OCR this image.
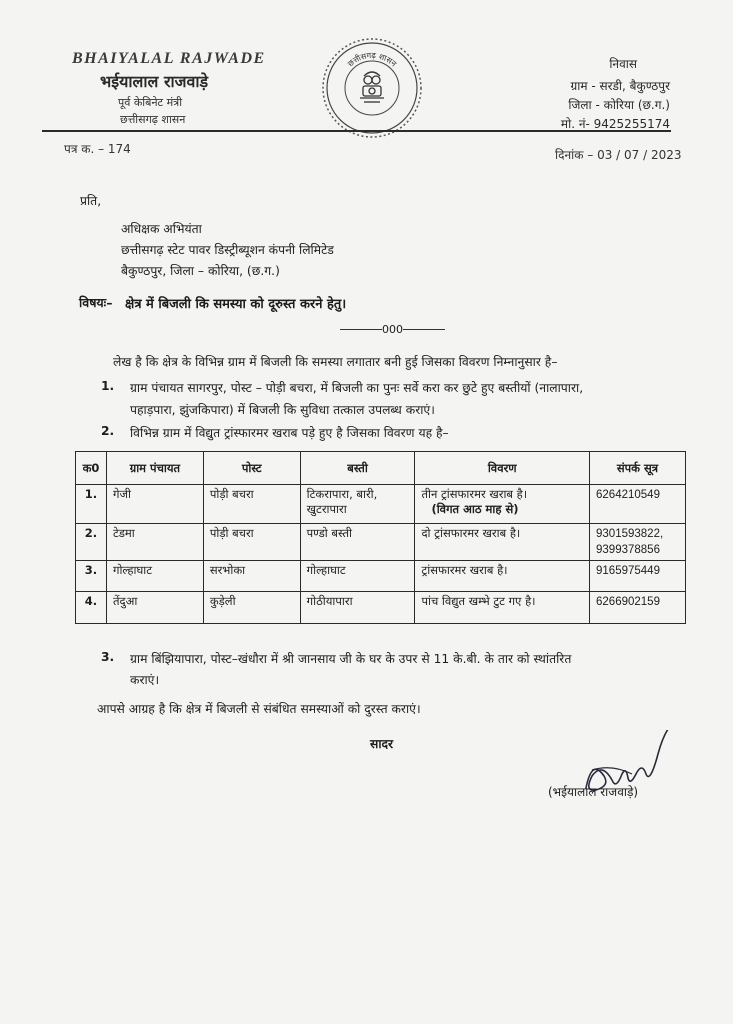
BHAIYALAL RAJWADE
भईयालाल राजवाड़े
पूर्व केबिनेट मंत्री
छत्तीसगढ़ शासन
छत्तीसगढ़ शासन	निवास
ग्राम - सरडी, बैकुण्ठपुर
जिला - कोरिया (छ.ग.)
मो. नं- 9425255174
पत्र क. – 174	दिनांक – 03 / 07 / 2023
प्रति,
अधिक्षक अभियंता
छत्तीसगढ़ स्टेट पावर डिस्ट्रीब्यूशन कंपनी लिमिटेड
बैकुण्ठपुर, जिला – कोरिया, (छ.ग.)
विषयः– क्षेत्र में बिजली कि समस्या को दूरुस्त करने हेतु।
000
लेख है कि क्षेत्र के विभिन्न ग्राम में बिजली कि समस्या लगातार बनी हुई जिसका विवरण निम्नानुसार है–
1. ग्राम पंचायत सागरपुर, पोस्ट – पोड़ी बचरा, में बिजली का पुनः सर्वे करा कर छुटे हुए बस्तीयों (नालापारा,
पहाड़पारा, झुंजकिपारा) में बिजली कि सुविधा तत्काल उपलब्ध कराएं।
2. विभिन्न ग्राम में विद्युत ट्रांस्फारमर खराब पड़े हुए है जिसका विवरण यह है–
क0	ग्राम पंचायत	पोस्ट	बस्ती	विवरण	संपर्क सूत्र
1.	गेजी	पोड़ी बचरा	टिकरापारा, बारी, खुटरापारा	तीन ट्रांसफारमर खराब है।
(विगत आठ माह से)	6264210549
2.	टेडमा	पोड़ी बचरा	पण्डो बस्ती	दो ट्रांसफारमर खराब है।	9301593822,
9399378856
3.	गोल्हाघाट	सरभोका	गोल्हाघाट	ट्रांसफारमर खराब है।	9165975449
4.	तेंदुआ	कुड़ेली	गोठीयापारा	पांच विद्युत खम्भे टुट गए है।	6266902159
3. ग्राम बिंझियापारा, पोस्ट–खंधौरा में श्री जानसाय जी के घर के उपर से 11 के.बी. के तार को स्थांतरित
कराएं।
आपसे आग्रह है कि क्षेत्र में बिजली से संबंधित समस्याओं को दुरस्त कराएं।
सादर
(भईयालाल राजवाड़े)
